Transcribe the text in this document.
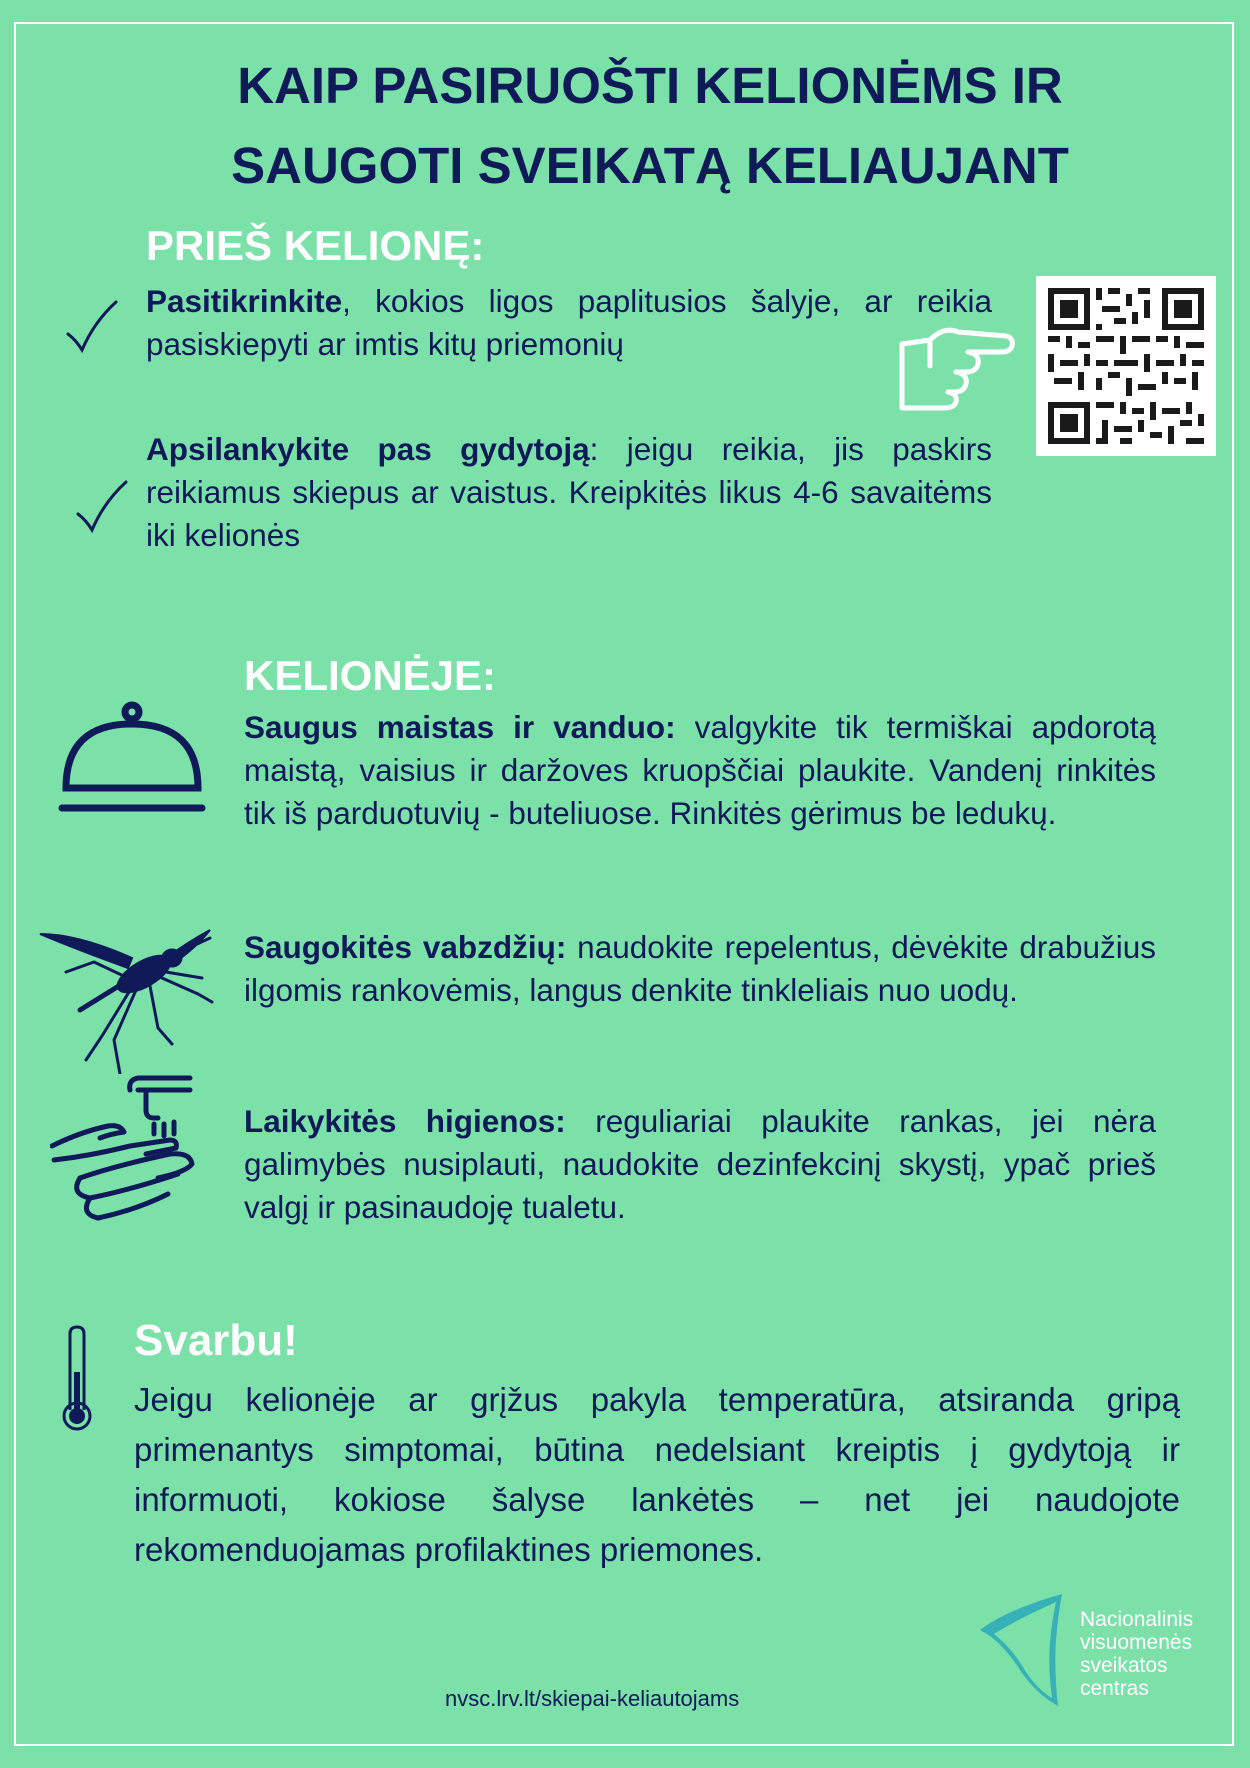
KAIP PASIRUOŠTI KELIONĖMS IR
SAUGOTI SVEIKATĄ KELIAUJANT
PRIEŠ KELIONĘ:

Pasitikrinkite, kokios ligos paplitusios šalyje, ar reikia pasiskiepyti ar imtis kitų priemonių

Apsilankykite pas gydytoją: jeigu reikia, jis paskirs reikiamus skiepus ar vaistus. Kreipkitės likus 4-6 savaitėms iki kelionės

KELIONĖJE:

Saugus maistas ir vanduo: valgykite tik termiškai apdorotą maistą, vaisius ir daržoves kruopščiai plaukite. Vandenį rinkitės tik iš parduotuvių - buteliuose. Rinkitės gėrimus be ledukų.

Saugokitės vabzdžių: naudokite repelentus, dėvėkite drabužius ilgomis rankovėmis, langus denkite tinkleliais nuo uodų.

Laikykitės higienos: reguliariai plaukite rankas, jei nėra galimybės nusiplauti, naudokite dezinfekcinį skystį, ypač prieš valgį ir pasinaudoję tualetu.

Svarbu!

Jeigu kelionėje ar grįžus pakyla temperatūra, atsiranda gripą primenantys simptomai, būtina nedelsiant kreiptis į gydytoją ir informuoti, kokiose šalyse lankėtės – net jei naudojote rekomenduojamas profilaktines priemones.

nvsc.lrv.lt/skiepai-keliautojams
Nacionalinis
visuomenės
sveikatos
centras
